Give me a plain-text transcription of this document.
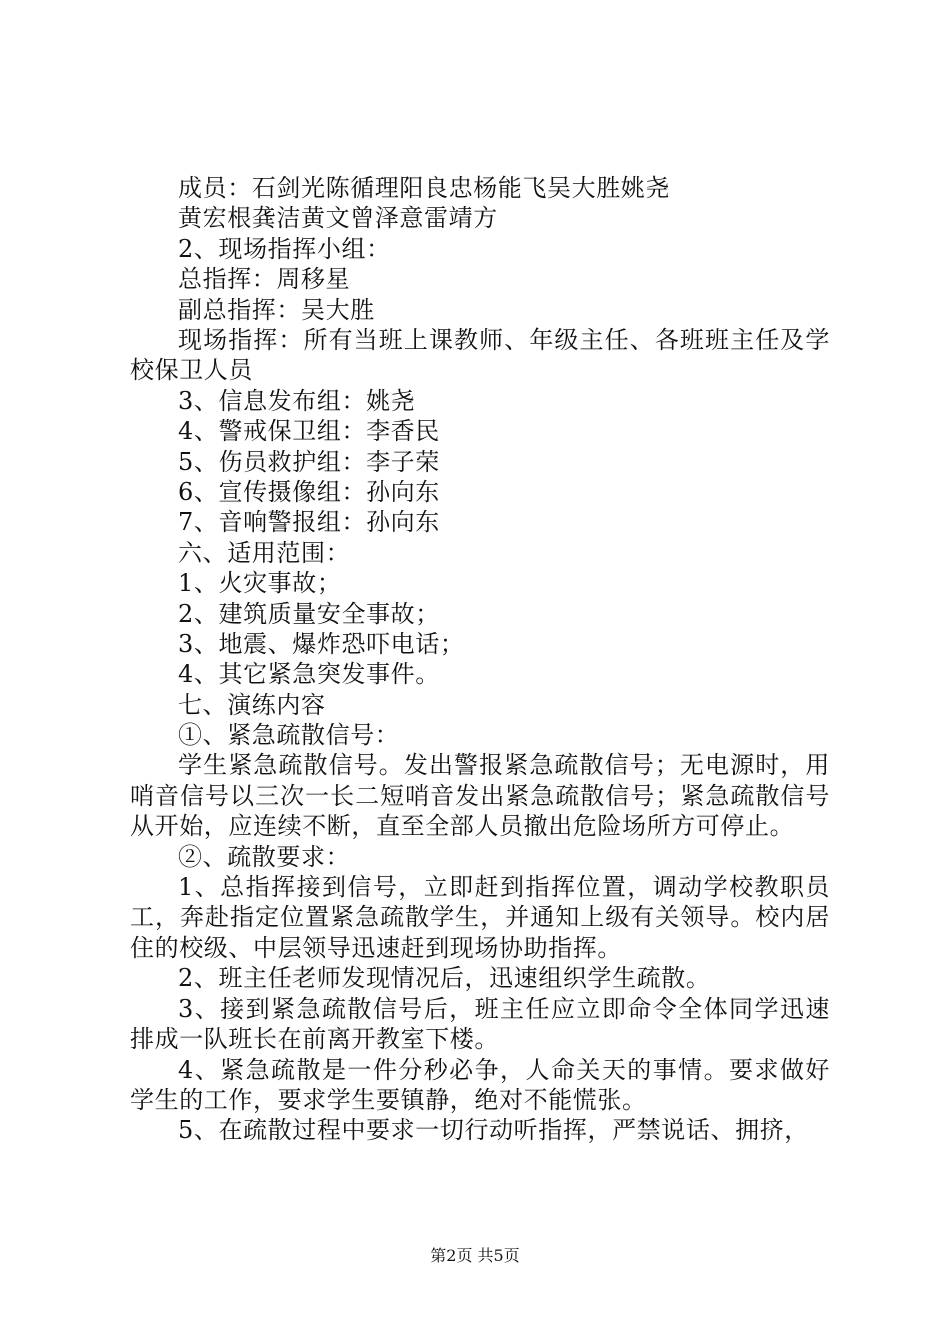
成员：石剑光陈循理阳良忠杨能飞吴大胜姚尧
黄宏根龚洁黄文曾泽意雷靖方
2、现场指挥小组：
总指挥：周移星
副总指挥：吴大胜

现场指挥：所有当班上课教师、年级主任、各班班主任及学校保卫人员

3、信息发布组：姚尧
4、警戒保卫组：李香民
5、伤员救护组：李子荣
6、宣传摄像组：孙向东
7、音响警报组：孙向东
六、适用范围：
1、火灾事故；
2、建筑质量安全事故；
3、地震、爆炸恐吓电话；
4、其它紧急突发事件。
七、演练内容
①、紧急疏散信号：

学生紧急疏散信号。发出警报紧急疏散信号；无电源时，用哨音信号以三次一长二短哨音发出紧急疏散信号；紧急疏散信号从开始，应连续不断，直至全部人员撤出危险场所方可停止。

②、疏散要求：

1、总指挥接到信号，立即赶到指挥位置，调动学校教职员工，奔赴指定位置紧急疏散学生，并通知上级有关领导。校内居住的校级、中层领导迅速赶到现场协助指挥。

2、班主任老师发现情况后，迅速组织学生疏散。

3、接到紧急疏散信号后，班主任应立即命令全体同学迅速排成一队班长在前离开教室下楼。

4、紧急疏散是一件分秒必争，人命关天的事情。要求做好学生的工作，要求学生要镇静，绝对不能慌张。

5、在疏散过程中要求一切行动听指挥，严禁说话、拥挤，

第2页 共5页
